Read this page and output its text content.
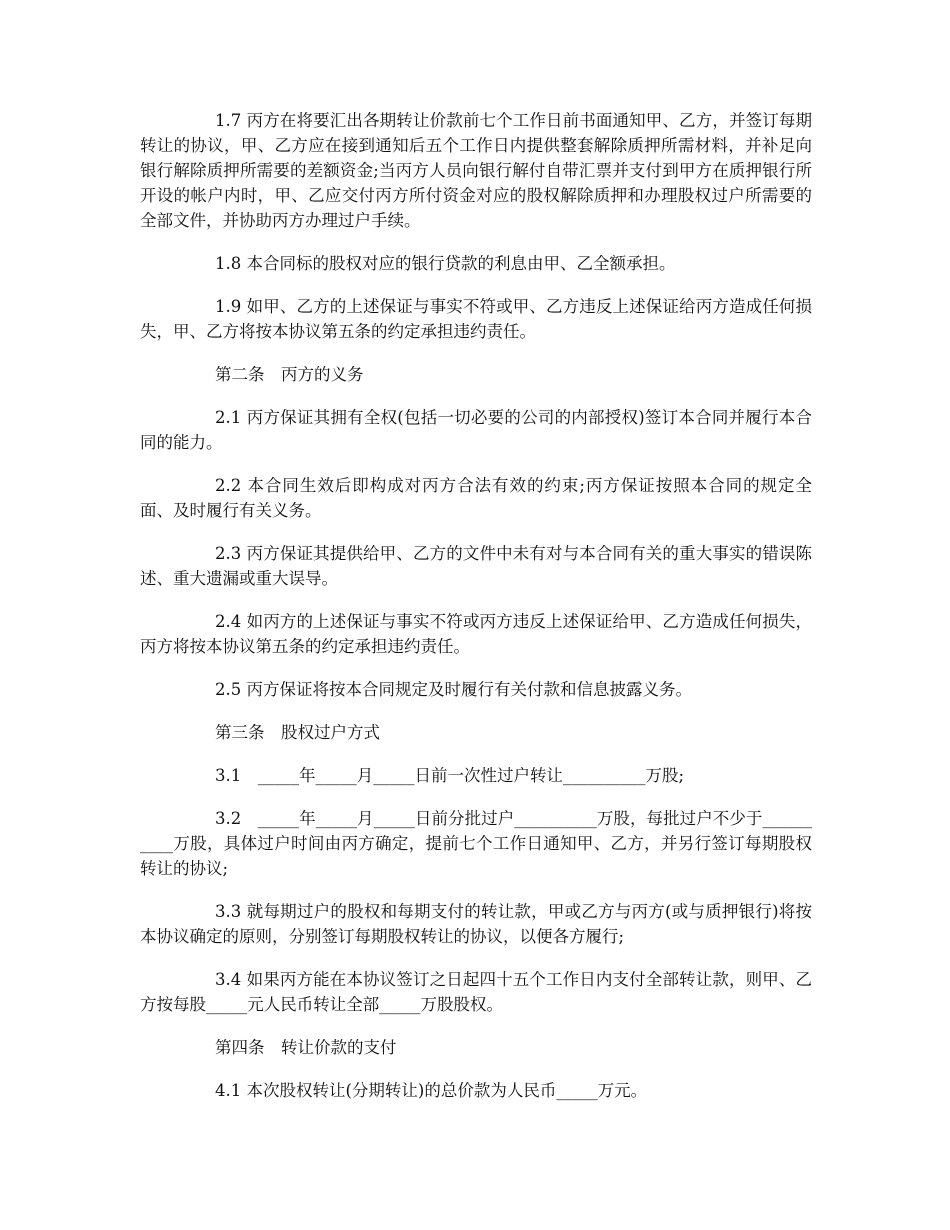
1.7 丙方在将要汇出各期转让价款前七个工作日前书面通知甲、乙方，并签订每期转让的协议，甲、乙方应在接到通知后五个工作日内提供整套解除质押所需材料，并补足向银行解除质押所需要的差额资金;当丙方人员向银行解付自带汇票并支付到甲方在质押银行所开设的帐户内时，甲、乙应交付丙方所付资金对应的股权解除质押和办理股权过户所需要的全部文件，并协助丙方办理过户手续。

1.8 本合同标的股权对应的银行贷款的利息由甲、乙全额承担。

1.9 如甲、乙方的上述保证与事实不符或甲、乙方违反上述保证给丙方造成任何损失，甲、乙方将按本协议第五条的约定承担违约责任。

第二条　丙方的义务

2.1 丙方保证其拥有全权(包括一切必要的公司的内部授权)签订本合同并履行本合同的能力。

2.2 本合同生效后即构成对丙方合法有效的约束;丙方保证按照本合同的规定全面、及时履行有关义务。

2.3 丙方保证其提供给甲、乙方的文件中未有对与本合同有关的重大事实的错误陈述、重大遗漏或重大误导。

2.4 如丙方的上述保证与事实不符或丙方违反上述保证给甲、乙方造成任何损失，丙方将按本协议第五条的约定承担违约责任。

2.5 丙方保证将按本合同规定及时履行有关付款和信息披露义务。

第三条　股权过户方式

3.1　_____年_____月_____日前一次性过户转让__________万股;

3.2　_____年_____月_____日前分批过户__________万股，每批过户不少于__________万股，具体过户时间由丙方确定，提前七个工作日通知甲、乙方，并另行签订每期股权转让的协议;

3.3 就每期过户的股权和每期支付的转让款，甲或乙方与丙方(或与质押银行)将按本协议确定的原则，分别签订每期股权转让的协议，以便各方履行;

3.4 如果丙方能在本协议签订之日起四十五个工作日内支付全部转让款，则甲、乙方按每股_____元人民币转让全部_____万股股权。

第四条　转让价款的支付

4.1 本次股权转让(分期转让)的总价款为人民币_____万元。
